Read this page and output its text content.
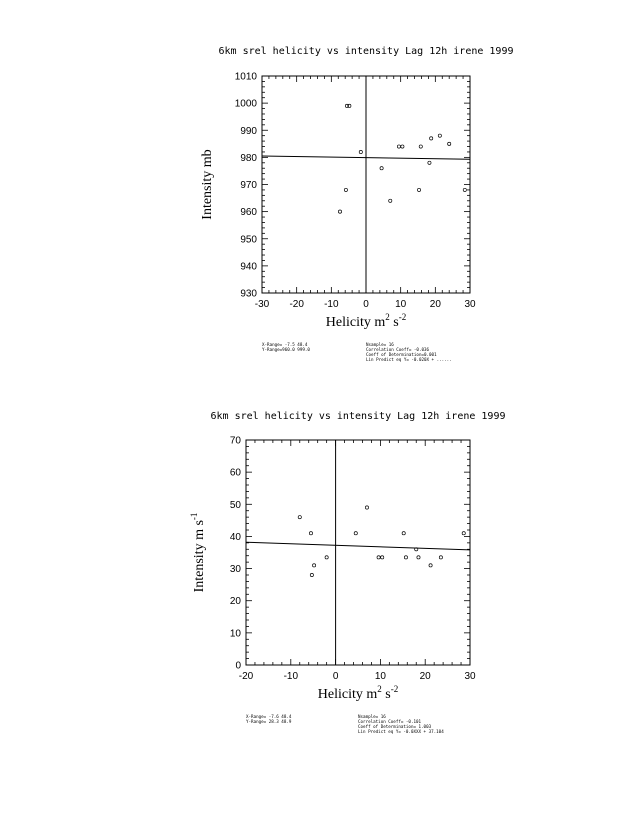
6km srel helicity vs intensity Lag 12h irene 1999
-30 -20 -10 0	10 20 30
930
940
950
960
970
980
990
1000
1010
Helicity $m^2$ $s^{-2}$
Intensity mb
X-Range= -7.5 48.4
Y-Range=960.0 999.0
Nsample= 16
Correlation Coeff= -0.036
Coeff of Determination=0.001
Lin Predict eq Y= -0.020X + ......
6km srel helicity vs intensity Lag 12h irene 1999
-20	-10	0	10	20	30
0
10
20
30
40
50
60
70
Helicity $m^2$ $s^{-2}$
Intensity m $s^{-1}$
X-Range= -7.6 48.4
Y-Range= 28.3 48.9
Nsample= 16
Correlation Coeff= -0.101
Coeff of Determination= 1.003
Lin Predict eq Y= -0.0XXX + 37.104
